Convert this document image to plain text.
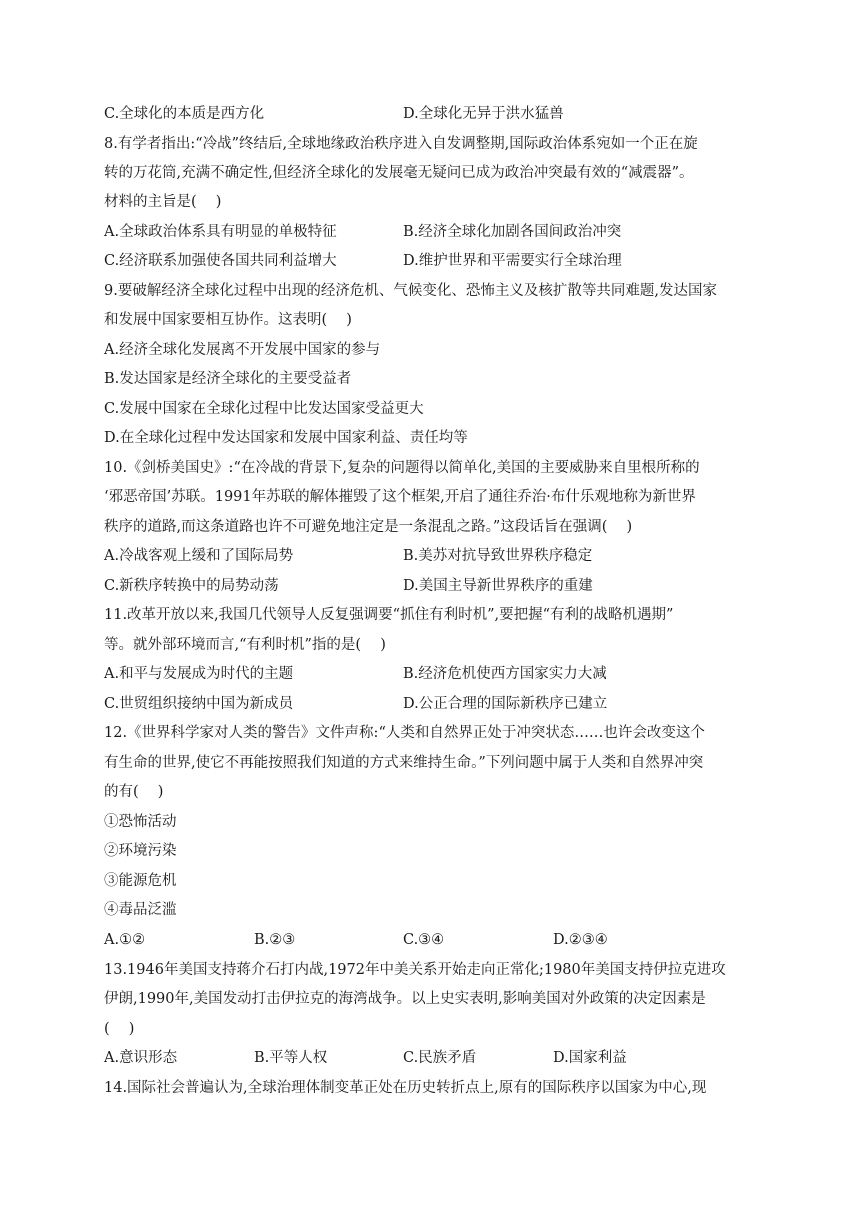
C.全球化的本质是西方化	D.全球化无异于洪水猛兽
8.有学者指出:“冷战”终结后,全球地缘政治秩序进入自发调整期,国际政治体系宛如一个正在旋
转的万花筒,充满不确定性,但经济全球化的发展毫无疑问已成为政治冲突最有效的“减震器”。
材料的主旨是(　 )
A.全球政治体系具有明显的单极特征	B.经济全球化加剧各国间政治冲突
C.经济联系加强使各国共同利益增大	D.维护世界和平需要实行全球治理
9.要破解经济全球化过程中出现的经济危机、气候变化、恐怖主义及核扩散等共同难题,发达国家
和发展中国家要相互协作。这表明(　 )
A.经济全球化发展离不开发展中国家的参与
B.发达国家是经济全球化的主要受益者
C.发展中国家在全球化过程中比发达国家受益更大
D.在全球化过程中发达国家和发展中国家利益、责任均等
10.《剑桥美国史》:“在冷战的背景下,复杂的问题得以简单化,美国的主要威胁来自里根所称的
‘邪恶帝国’苏联。1991年苏联的解体摧毁了这个框架,开启了通往乔治·布什乐观地称为新世界
秩序的道路,而这条道路也许不可避免地注定是一条混乱之路。”这段话旨在强调(　 )
A.冷战客观上缓和了国际局势	B.美苏对抗导致世界秩序稳定
C.新秩序转换中的局势动荡	D.美国主导新世界秩序的重建
11.改革开放以来,我国几代领导人反复强调要“抓住有利时机”,要把握“有利的战略机遇期”
等。就外部环境而言,“有利时机”指的是(　 )
A.和平与发展成为时代的主题	B.经济危机使西方国家实力大减
C.世贸组织接纳中国为新成员	D.公正合理的国际新秩序已建立
12.《世界科学家对人类的警告》文件声称:“人类和自然界正处于冲突状态……也许会改变这个
有生命的世界,使它不再能按照我们知道的方式来维持生命。”下列问题中属于人类和自然界冲突
的有(　 )
①恐怖活动
②环境污染
③能源危机
④毒品泛滥
A.①②	B.②③	C.③④	D.②③④
13.1946年美国支持蒋介石打内战,1972年中美关系开始走向正常化;1980年美国支持伊拉克进攻
伊朗,1990年,美国发动打击伊拉克的海湾战争。以上史实表明,影响美国对外政策的决定因素是
(　 )
A.意识形态	B.平等人权	C.民族矛盾	D.国家利益
14.国际社会普遍认为,全球治理体制变革正处在历史转折点上,原有的国际秩序以国家为中心,现
